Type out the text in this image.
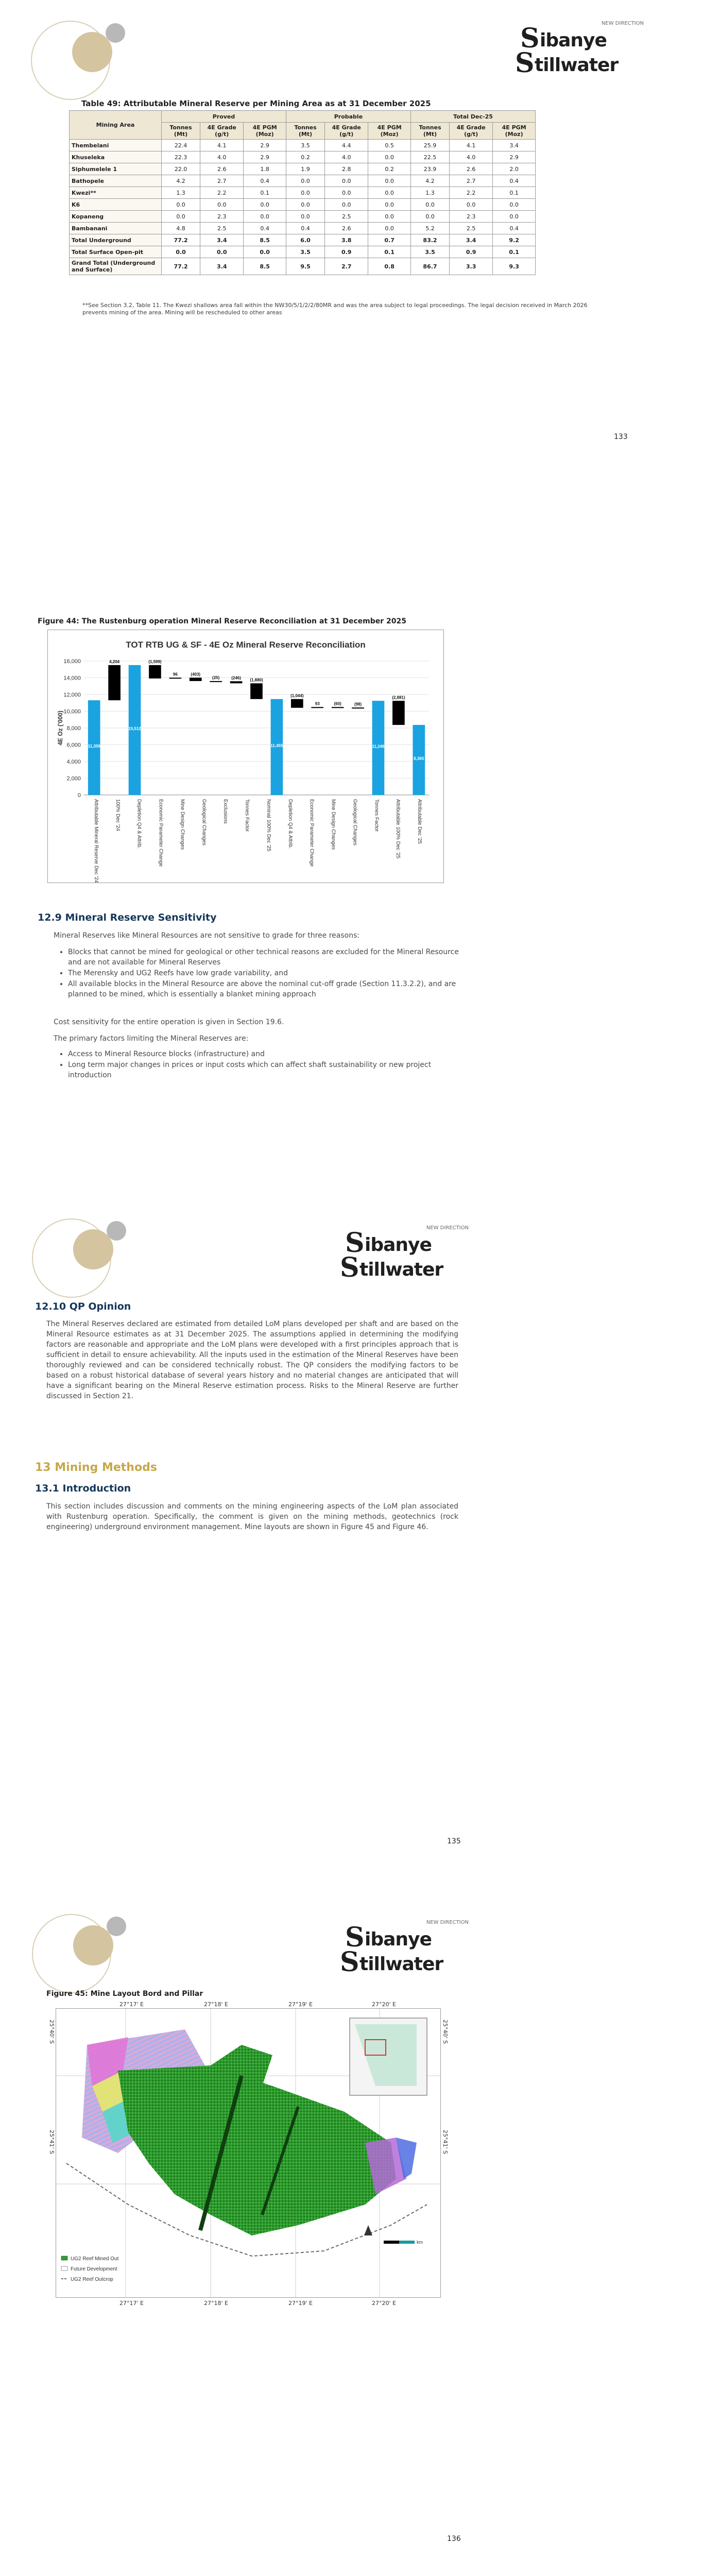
NEW DIRECTION
S ibanye
S tillwater
Table 49: Attributable Mineral Reserve per Mining Area as at 31 December 2025
Mining Area	Proved			Probable			Total Dec-25		
	Tonnes (Mt)	4E Grade (g/t)	4E PGM (Moz)	Tonnes (Mt)	4E Grade (g/t)	4E PGM (Moz)	Tonnes (Mt)	4E Grade (g/t)	4E PGM (Moz)
Thembelani	22.4	4.1	2.9	3.5	4.4	0.5	25.9	4.1	3.4
Khuseleka	22.3	4.0	2.9	0.2	4.0	0.0	22.5	4.0	2.9
Siphumelele 1	22.0	2.6	1.8	1.9	2.8	0.2	23.9	2.6	2.0
Bathopele	4.2	2.7	0.4	0.0	0.0	0.0	4.2	2.7	0.4
Kwezi**	1.3	2.2	0.1	0.0	0.0	0.0	1.3	2.2	0.1
K6	0.0	0.0	0.0	0.0	0.0	0.0	0.0	0.0	0.0
Kopaneng	0.0	2.3	0.0	0.0	2.5	0.0	0.0	2.3	0.0
Bambanani	4.8	2.5	0.4	0.4	2.6	0.0	5.2	2.5	0.4
Total Underground	77.2	3.4	8.5	6.0	3.8	0.7	83.2	3.4	9.2
Total Surface Open-pit	0.0	0.0	0.0	3.5	0.9	0.1	3.5	0.9	0.1
Grand Total (Underground and Surface)	77.2	3.4	8.5	9.5	2.7	0.8	86.7	3.3	9.3
**See Section 3.2, Table 11. The Kwezi shallows area fall within the NW30/5/1/2/2/80MR and was the area subject to legal proceedings. The legal decision received in March 2026 prevents mining of the area. Mining will be rescheduled to other areas
133
Figure 44: The Rustenburg operation Mineral Reserve Reconciliation at 31 December 2025
TOT RTB UG & SF - 4E Oz Mineral Reserve Reconciliation
4E Oz ('000)
0
2,000
4,000
6,000
8,000
10,000
12,000
14,000
16,000
11,309
4,204
15,512
(1,599)
96	(403)
(25)	(246) (1,880)
11,455
(1,044)
93	(60)	(98)
11,246
(2,881)
8,365
Attributable Mineral Reserve Dec '24	100% Dec '24	Depletion Q4 & Attrib.	Economic Parameter Change	Mine Design Changes	Geological Changes	Exclusions	Tonnes Factor	Nominal 100% Dec '25	Depletion Q4 & Attrib.	Economic Parameter Change	Mine Design Changes	Geological Changes	Tonnes Factor	Attributable 100% Dec '25	Attributable Dec '25
12.9 Mineral Reserve Sensitivity

Mineral Reserves like Mineral Resources are not sensitive to grade for three reasons:

• Blocks that cannot be mined for geological or other technical reasons are excluded for the Mineral Resource and are not available for Mineral Reserves
• The Merensky and UG2 Reefs have low grade variability, and
• All available blocks in the Mineral Resource are above the nominal cut-off grade (Section 11.3.2.2), and are planned to be mined, which is essentially a blanket mining approach

Cost sensitivity for the entire operation is given in Section 19.6.

The primary factors limiting the Mineral Reserves are:

• Access to Mineral Resource blocks (infrastructure) and
• Long term major changes in prices or input costs which can affect shaft sustainability or new project introduction
NEW DIRECTION
S ibanye
S tillwater
12.10 QP Opinion

The Mineral Reserves declared are estimated from detailed LoM plans developed per shaft and are based on the Mineral Resource estimates as at 31 December 2025. The assumptions applied in determining the modifying factors are reasonable and appropriate and the LoM plans were developed with a first principles approach that is sufficient in detail to ensure achievability. All the inputs used in the estimation of the Mineral Reserves have been thoroughly reviewed and can be considered technically robust. The QP considers the modifying factors to be based on a robust historical database of several years history and no material changes are anticipated that will have a significant bearing on the Mineral Reserve estimation process. Risks to the Mineral Reserve are further discussed in Section 21.

13 Mining Methods
13.1 Introduction

This section includes discussion and comments on the mining engineering aspects of the LoM plan associated with Rustenburg operation. Specifically, the comment is given on the mining methods, geotechnics (rock engineering) underground environment management. Mine layouts are shown in Figure 45 and Figure 46.

135
NEW DIRECTION
S ibanye
S tillwater
Figure 45: Mine Layout Bord and Pillar
27°17' E	27°18' E	27°19' E	27°20' E
27°17' E	27°18' E	27°19' E	27°20' E
25°40' S
25°41' S
25°40' S
25°41' S
km
UG2 Reef Mined Out
Future Development
UG2 Reef Outcrop
136
